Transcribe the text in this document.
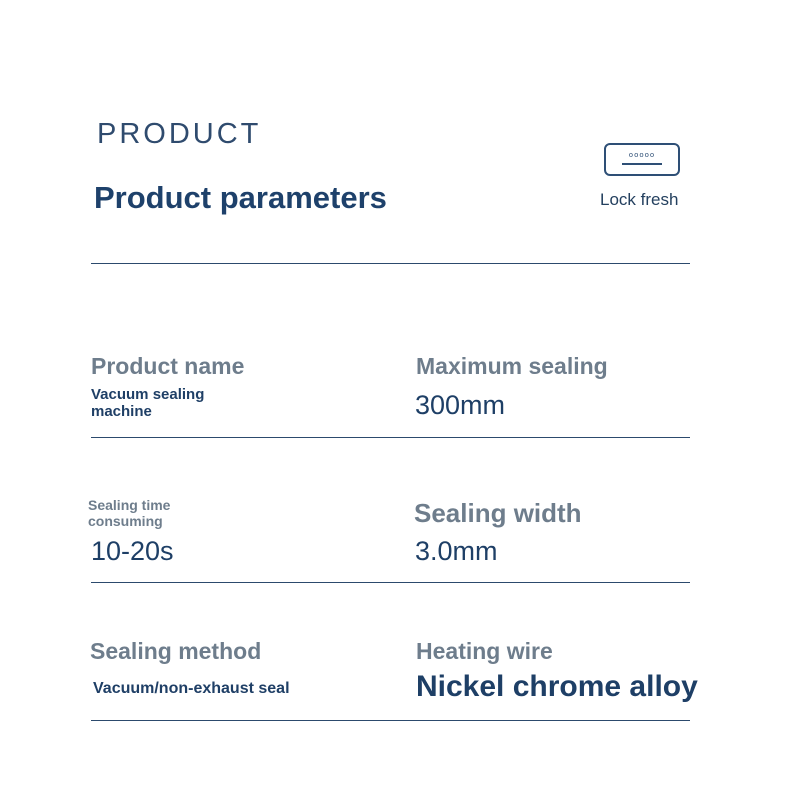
PRODUCT
Product parameters
ooooo
Lock fresh
Product name
Vacuum sealing
machine
Maximum sealing
300mm
Sealing time
consuming
10-20s
Sealing width
3.0mm
Sealing method
Vacuum/non-exhaust seal
Heating wire
Nickel chrome alloy
